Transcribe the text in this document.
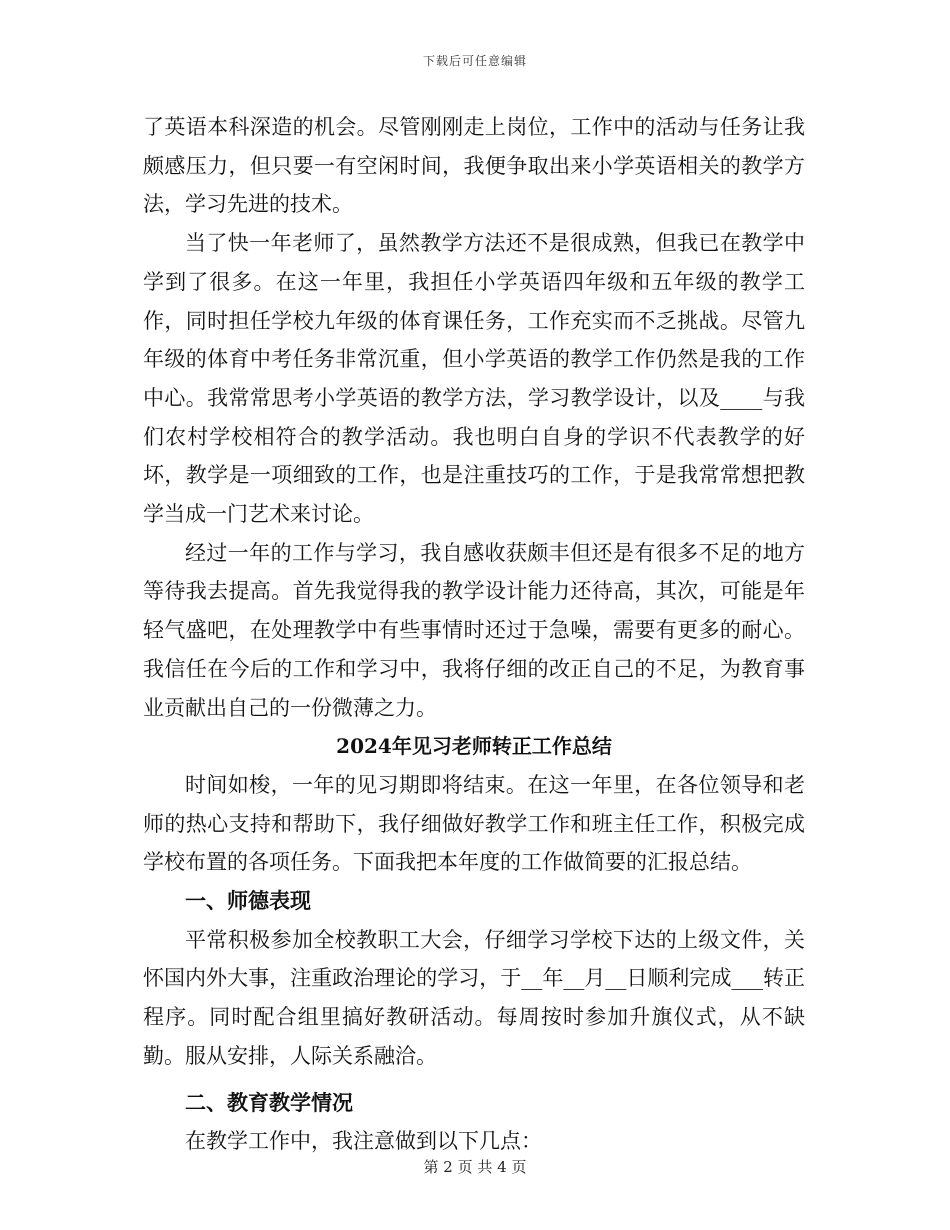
下载后可任意编辑

了英语本科深造的机会。尽管刚刚走上岗位，工作中的活动与任务让我颇感压力，但只要一有空闲时间，我便争取出来小学英语相关的教学方法，学习先进的技术。

当了快一年老师了，虽然教学方法还不是很成熟，但我已在教学中学到了很多。在这一年里，我担任小学英语四年级和五年级的教学工作，同时担任学校九年级的体育课任务，工作充实而不乏挑战。尽管九年级的体育中考任务非常沉重，但小学英语的教学工作仍然是我的工作中心。我常常思考小学英语的教学方法，学习教学设计，以及____与我们农村学校相符合的教学活动。我也明白自身的学识不代表教学的好坏，教学是一项细致的工作，也是注重技巧的工作，于是我常常想把教学当成一门艺术来讨论。

经过一年的工作与学习，我自感收获颇丰但还是有很多不足的地方等待我去提高。首先我觉得我的教学设计能力还待高，其次，可能是年轻气盛吧，在处理教学中有些事情时还过于急噪，需要有更多的耐心。我信任在今后的工作和学习中，我将仔细的改正自己的不足，为教育事业贡献出自己的一份微薄之力。

2024年见习老师转正工作总结

时间如梭，一年的见习期即将结束。在这一年里，在各位领导和老师的热心支持和帮助下，我仔细做好教学工作和班主任工作，积极完成学校布置的各项任务。下面我把本年度的工作做简要的汇报总结。

一、师德表现

平常积极参加全校教职工大会，仔细学习学校下达的上级文件，关怀国内外大事，注重政治理论的学习，于__年__月__日顺利完成___转正程序。同时配合组里搞好教研活动。每周按时参加升旗仪式，从不缺勤。服从安排，人际关系融洽。

二、教育教学情况

在教学工作中，我注意做到以下几点：

第 2 页 共 4 页
